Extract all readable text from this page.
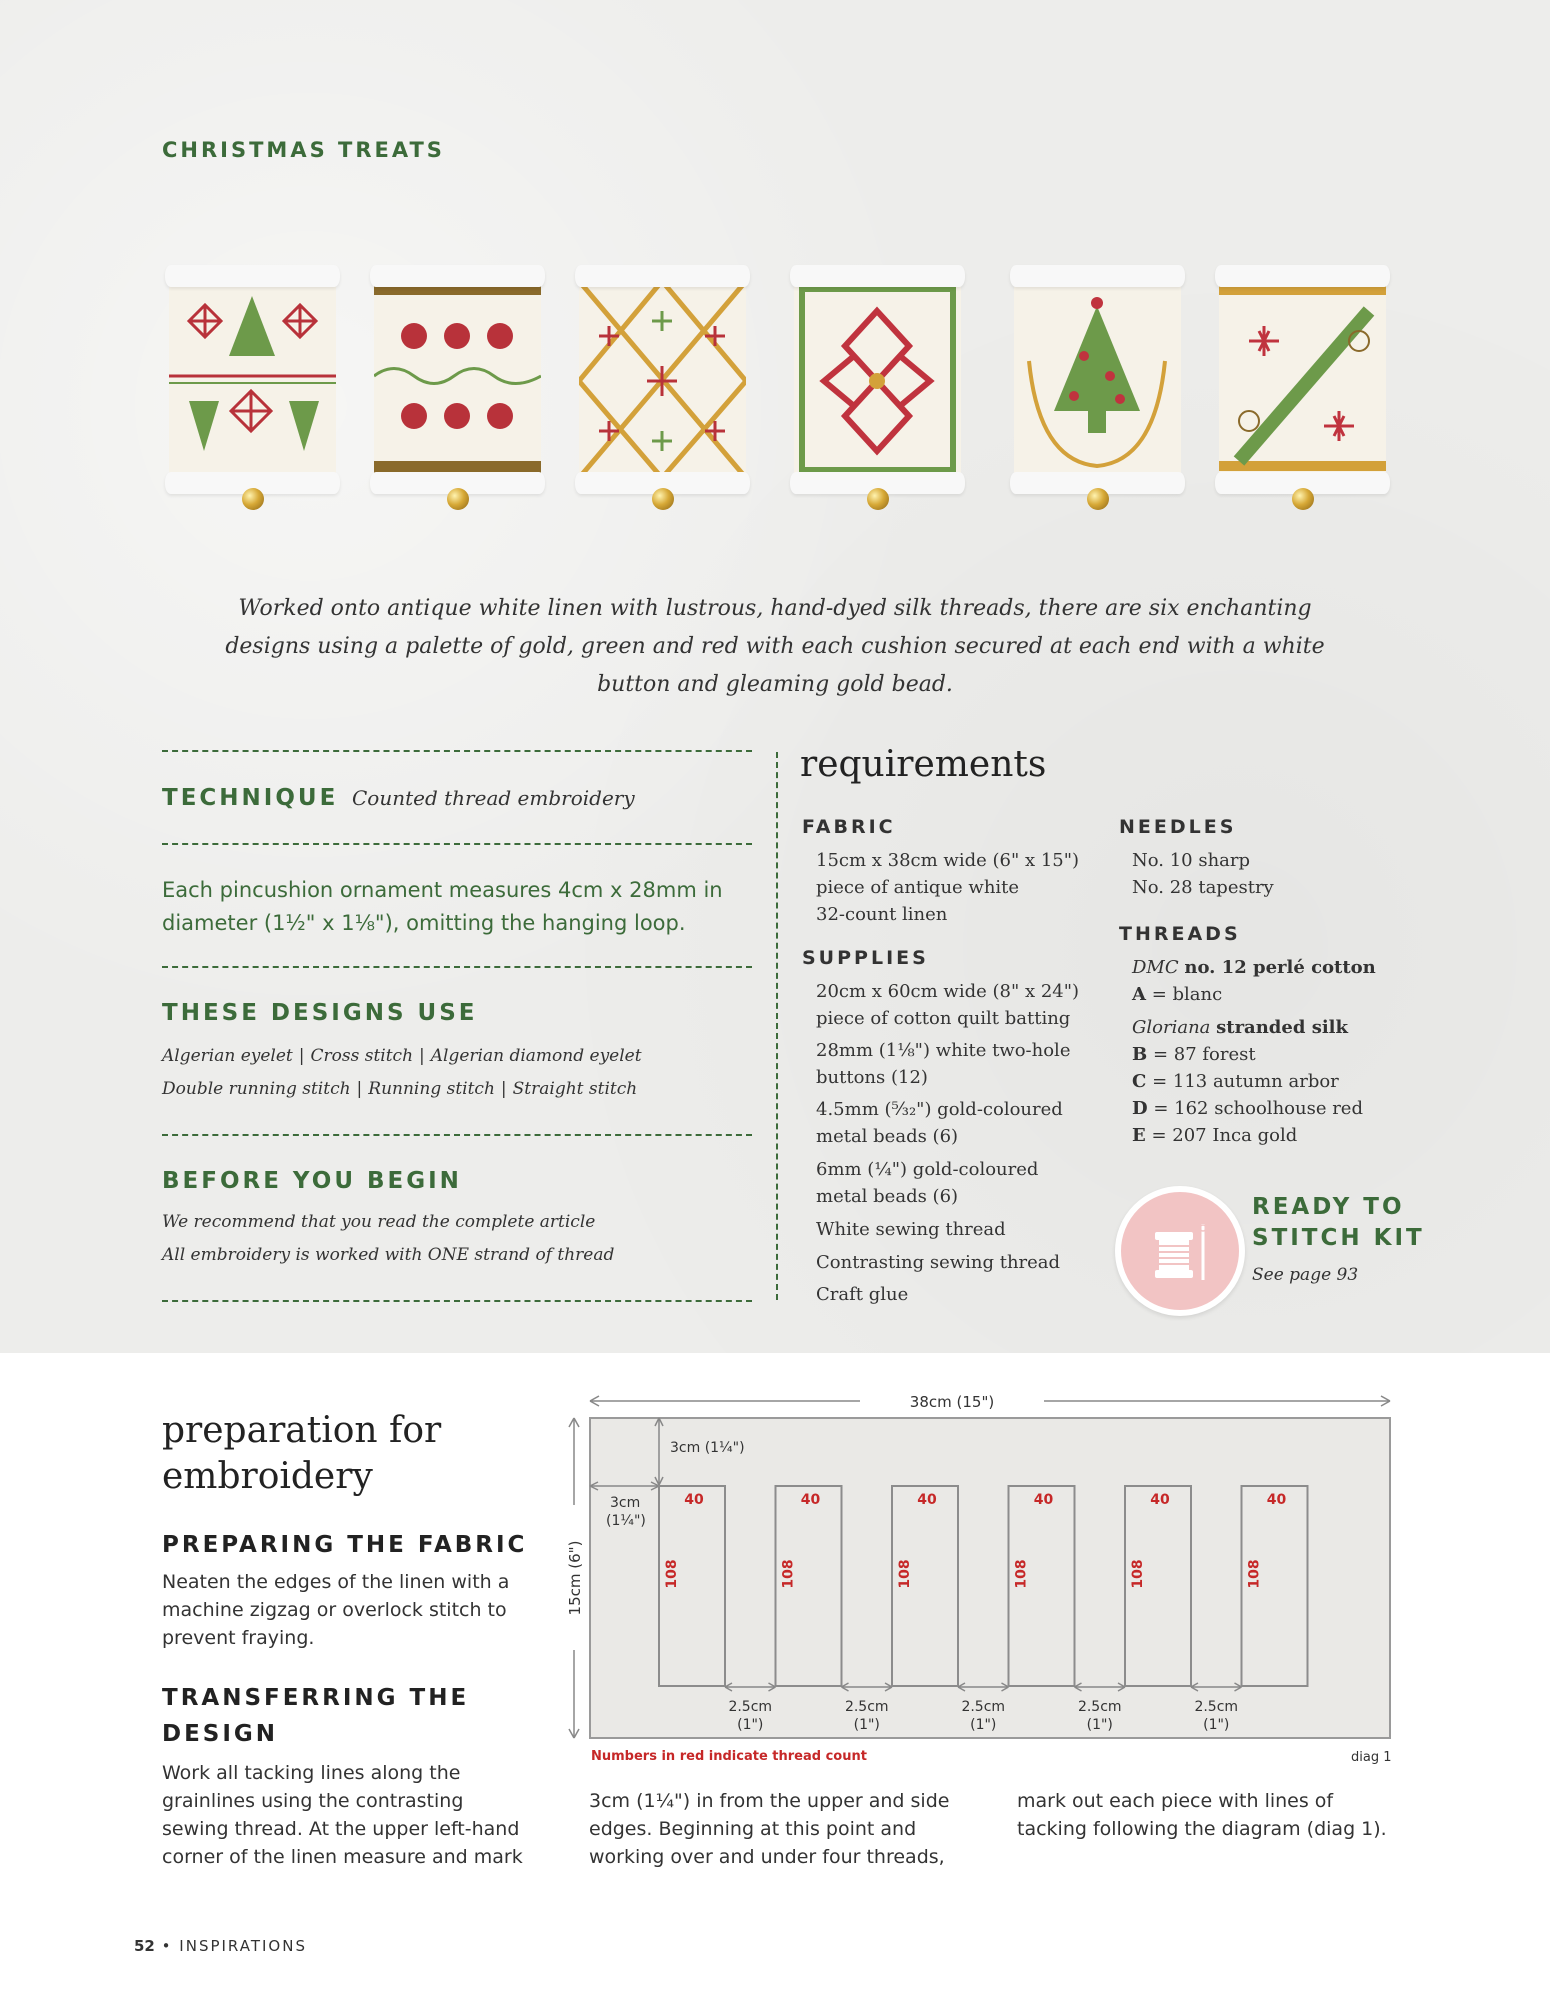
CHRISTMAS TREATS
Worked onto antique white linen with lustrous, hand-dyed silk threads, there are six enchanting
designs using a palette of gold, green and red with each cushion secured at each end with a white
button and gleaming gold bead.
TECHNIQUE Counted thread embroidery
Each pincushion ornament measures 4cm x 28mm in
diameter (1½" x 1⅛"), omitting the hanging loop.
THESE DESIGNS USE
Algerian eyelet | Cross stitch | Algerian diamond eyelet
Double running stitch | Running stitch | Straight stitch
BEFORE YOU BEGIN
We recommend that you read the complete article
All embroidery is worked with ONE strand of thread
requirements
FABRIC
15cm x 38cm wide (6" x 15")
piece of antique white
32-count linen
SUPPLIES
20cm x 60cm wide (8" x 24")
piece of cotton quilt batting
28mm (1⅛") white two-hole
buttons (12)
4.5mm (⁵⁄₃₂") gold-coloured
metal beads (6)
6mm (¼") gold-coloured
metal beads (6)
White sewing thread
Contrasting sewing thread
Craft glue
NEEDLES
No. 10 sharp
No. 28 tapestry
THREADS
DMC no. 12 perlé cotton
A = blanc
Gloriana stranded silk
B = 87 forest
C = 113 autumn arbor
D = 162 schoolhouse red
E = 207 Inca gold
READY TO
STITCH KIT
See page 93
preparation for
embroidery
PREPARING THE FABRIC
Neaten the edges of the linen with a
machine zigzag or overlock stitch to
prevent fraying.
TRANSFERRING THE
DESIGN
Work all tacking lines along the
grainlines using the contrasting
sewing thread. At the upper left-hand
corner of the linen measure and mark
3cm (1¼") in from the upper and side
edges. Beginning at this point and
working over and under four threads,
mark out each piece with lines of
tacking following the diagram (diag 1).
38cm (15")
15cm (6")
3cm (1¼")
3cm
(1¼")
40
108
2.5cm
(1")
40
108
2.5cm
(1")
40
108
2.5cm
(1")
40
108
2.5cm
(1")
40
108
2.5cm
(1")
40
108
Numbers in red indicate thread count	diag 1
52 • INSPIRATIONS
